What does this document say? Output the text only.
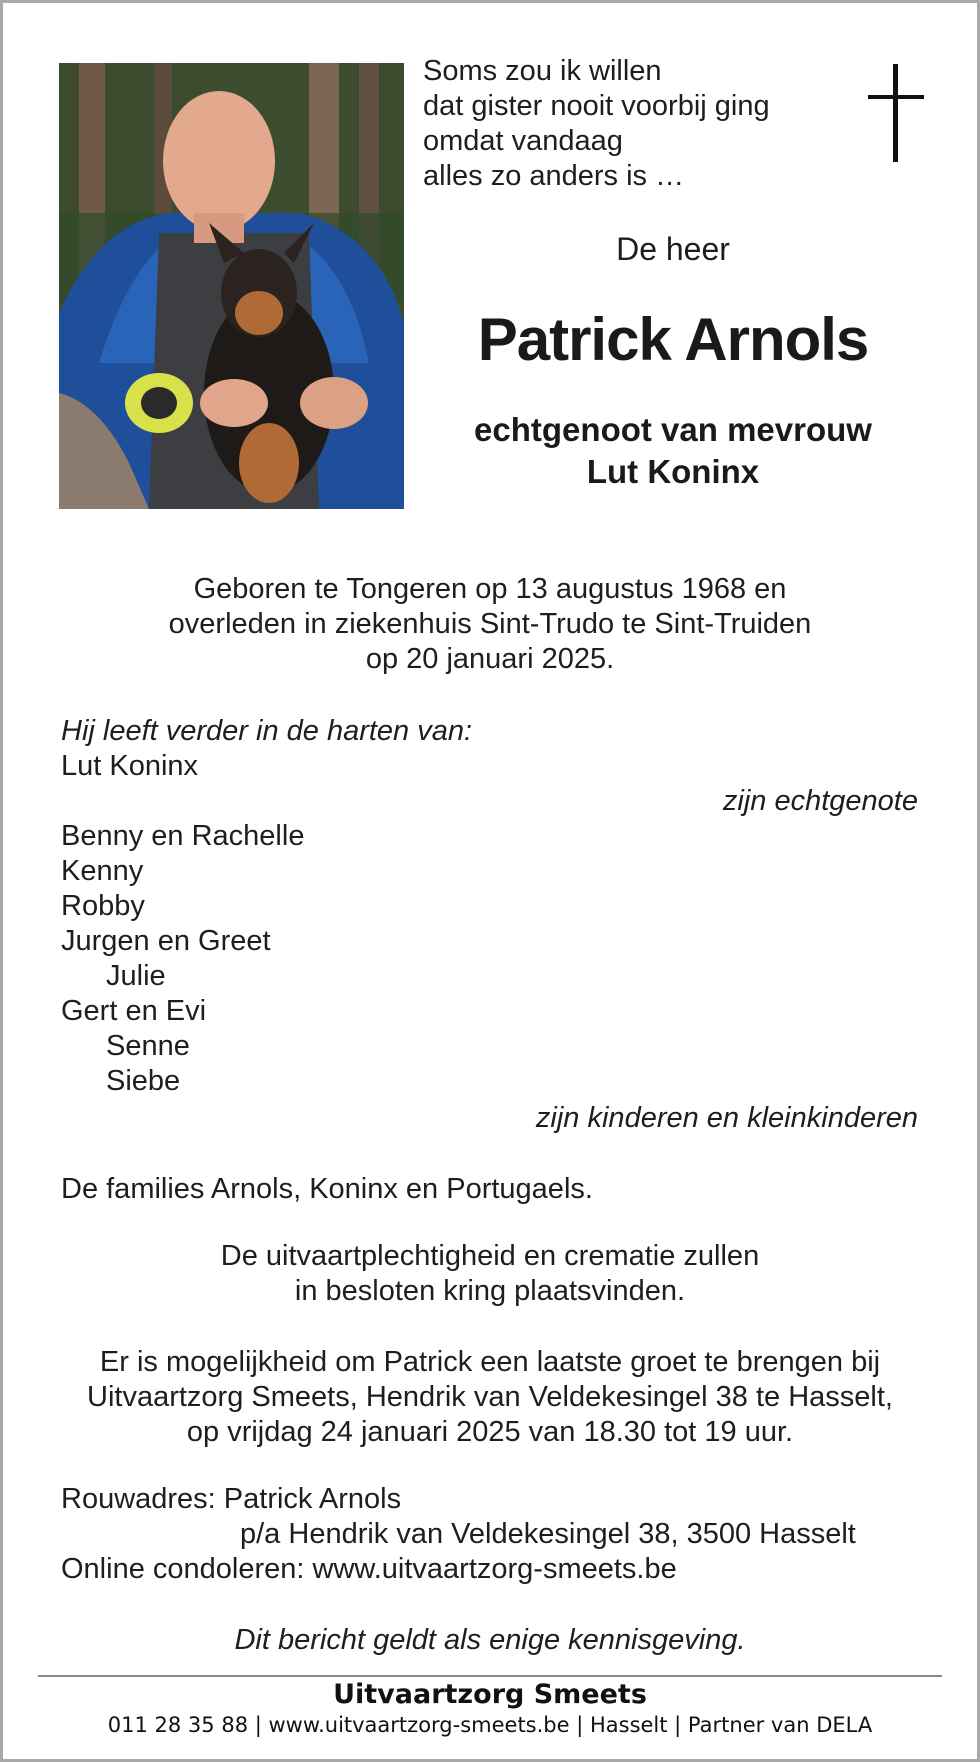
Soms zou ik willen
dat gister nooit voorbij ging
omdat vandaag
alles zo anders is …
De heer
Patrick Arnols
echtgenoot van mevrouw
Lut Koninx
Geboren te Tongeren op 13 augustus 1968 en
overleden in ziekenhuis Sint-Trudo te Sint-Truiden
op 20 januari 2025.
Hij leeft verder in de harten van:
Lut Koninx
zijn echtgenote
Benny en Rachelle
Kenny
Robby
Jurgen en Greet
Julie
Gert en Evi
Senne
Siebe
zijn kinderen en kleinkinderen
De families Arnols, Koninx en Portugaels.
De uitvaartplechtigheid en crematie zullen
in besloten kring plaatsvinden.
Er is mogelijkheid om Patrick een laatste groet te brengen bij
Uitvaartzorg Smeets, Hendrik van Veldekesingel 38 te Hasselt,
op vrijdag 24 januari 2025 van 18.30 tot 19 uur.
Rouwadres: Patrick Arnols
p/a Hendrik van Veldekesingel 38, 3500 Hasselt
Online condoleren: www.uitvaartzorg-smeets.be
Dit bericht geldt als enige kennisgeving.
Uitvaartzorg Smeets
011 28 35 88 | www.uitvaartzorg-smeets.be | Hasselt | Partner van DELA
